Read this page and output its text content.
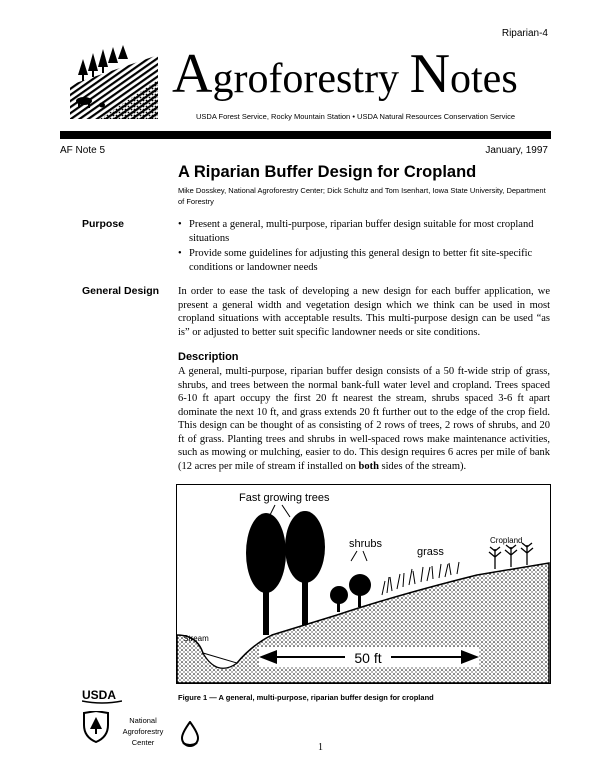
Riparian-4
Agroforestry Notes
USDA Forest Service, Rocky Mountain Station • USDA Natural Resources Conservation Service
AF Note 5	January, 1997
A Riparian Buffer Design for Cropland
Mike Dosskey, National Agroforestry Center; Dick Schultz and Tom Isenhart, Iowa State University, Department of Forestry
Purpose	• Present a general, multi-purpose, riparian buffer design suitable for most cropland situations
• Provide some guidelines for adjusting this general design to better fit site-specific conditions or landowner needs
General Design	In order to ease the task of developing a new design for each buffer application, we present a general width and vegetation design which we think can be used in most cropland situations with acceptable results. This multi-purpose design can be used “as is” or adjusted to better suit specific landowner needs or site conditions.

Description

A general, multi-purpose, riparian buffer design consists of a 50 ft-wide strip of grass, shrubs, and trees between the normal bank-full water level and cropland. Trees spaced 6-10 ft apart occupy the first 20 ft nearest the stream, shrubs spaced 3-6 ft apart dominate the next 10 ft, and grass extends 20 ft further out to the edge of the crop field. This design can be thought of as consisting of 2 rows of trees, 2 rows of shrubs, and 20 ft of grass. Planting trees and shrubs in well-spaced rows make maintenance activities, such as mowing or mulching, easier to do. This design requires 6 acres per mile of bank (12 acres per mile of stream if installed on both sides of the stream).

50 ft
Fast growing trees
shrubs
grass
Cropland
Stream
Figure 1 — A general, multi-purpose, riparian buffer design for cropland
USDA
National
Agroforestry
Center	1
